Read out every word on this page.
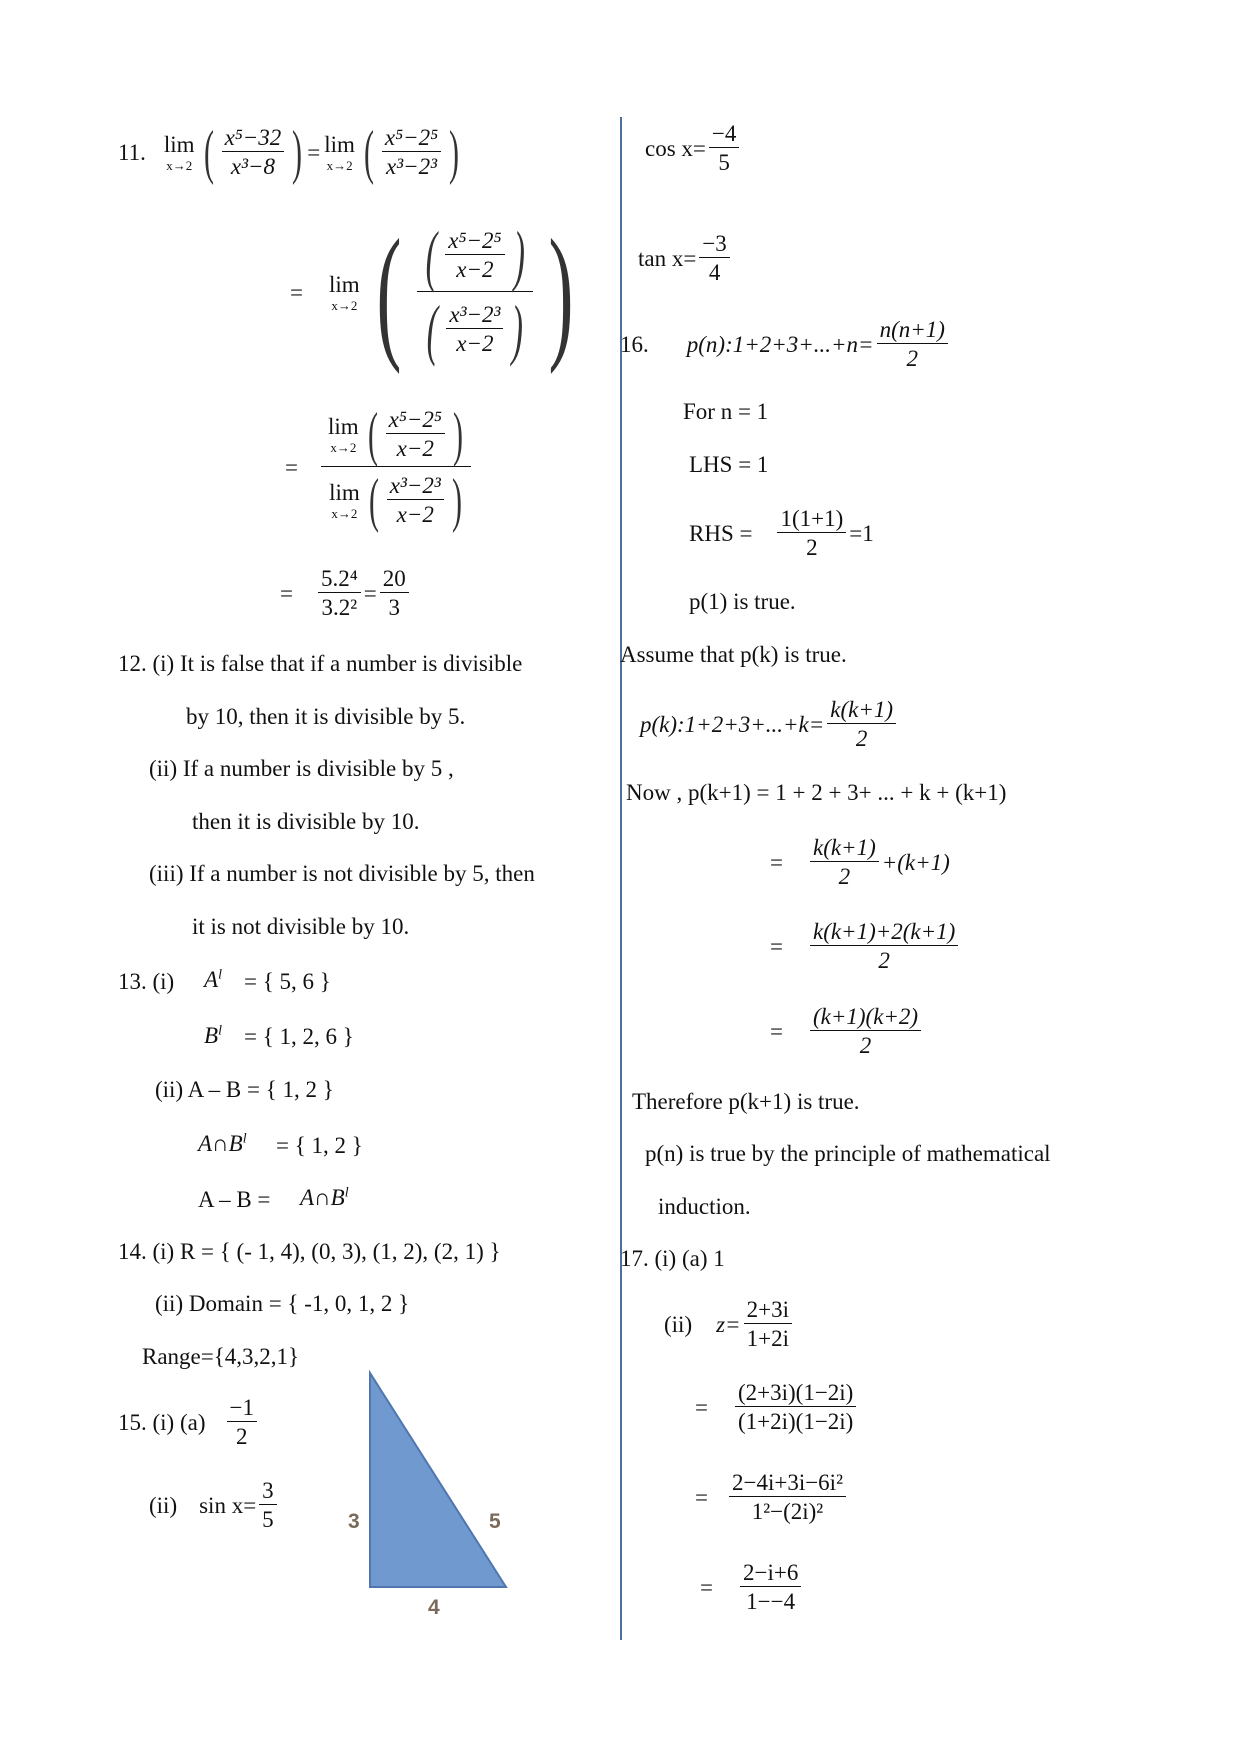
11. lim
x→2 ( $\frac{\text{x⁵−32}}{\text{x³−8}}$ ) = lim
x→2 ( $\frac{\text{x⁵−2⁵}}{\text{x³−2³}}$ )
= lim
x→2 ( $\frac{( \frac{\text{x⁵−2⁵}}{x-2} )}{( \frac{\text{x³−2³}}{x-2} )}$ )
= lim
x→2 ( $\frac{\text{x⁵−2⁵}}{x-2}$ )
lim
x→2 ( $\frac{\text{x³−2³}}{x-2}$ )
= $\frac{\text{5.2⁴}}{\text{3.2²}} = \frac{20}{3}$
12. (i) It is false that if a number is divisible
by 10, then it is divisible by 5.
(ii) If a number is divisible by 5 ,
then it is divisible by 10.
(iii) If a number is not divisible by 5, then
it is not divisible by 10.
13. (i) $A^l$ = { 5, 6 }
$B^l$ = { 1, 2, 6 }
(ii) A – B = { 1, 2 }
$A\cap B^l$ = { 1, 2 }
$A - B = A\cap B^l$
14. (i) R = { (- 1, 4), (0, 3), (1, 2), (2, 1) }
(ii) Domain = { -1, 0, 1, 2 }
Range={4,3,2,1}
15. (i) $(a) \frac{-1}{2}$
(ii) $\sin x= \frac{3}{5}$	3	5
4
$\cos x= \frac{-4}{5}$
$\tan x= \frac{-3}{4}$
16. p(n):1+2+3+...+n= $\frac{n(n+1)}{2}$
For n = 1
LHS = 1
RHS = $\frac{1(1+1)}{2} =1$
p(1) is true.
Assume that p(k) is true.
p(k):1+2+3+...+k= $\frac{k(k+1)}{2}$
Now , p(k+1) = 1 + 2 + 3+ ... + k + (k+1)
= $\frac{k(k+1)}{2} +(k+1)$
= $\frac{k(k+1)+2(k+1)}{2}$
= $\frac{(k+1)(k+2)}{2}$
Therefore p(k+1) is true.
p(n) is true by the principle of mathematical
induction.
17. (i) (a) 1
(ii) $z= \frac{2+3i}{1+2i}$
= $\frac{(2+3i)(1-2i)}{(1+2i)(1-2i)}$
= $\frac{\text{2−4i+3i−6i²}}{\text{1²−(2i)²}}$
= $\frac{2-i+6}{1--4}$
